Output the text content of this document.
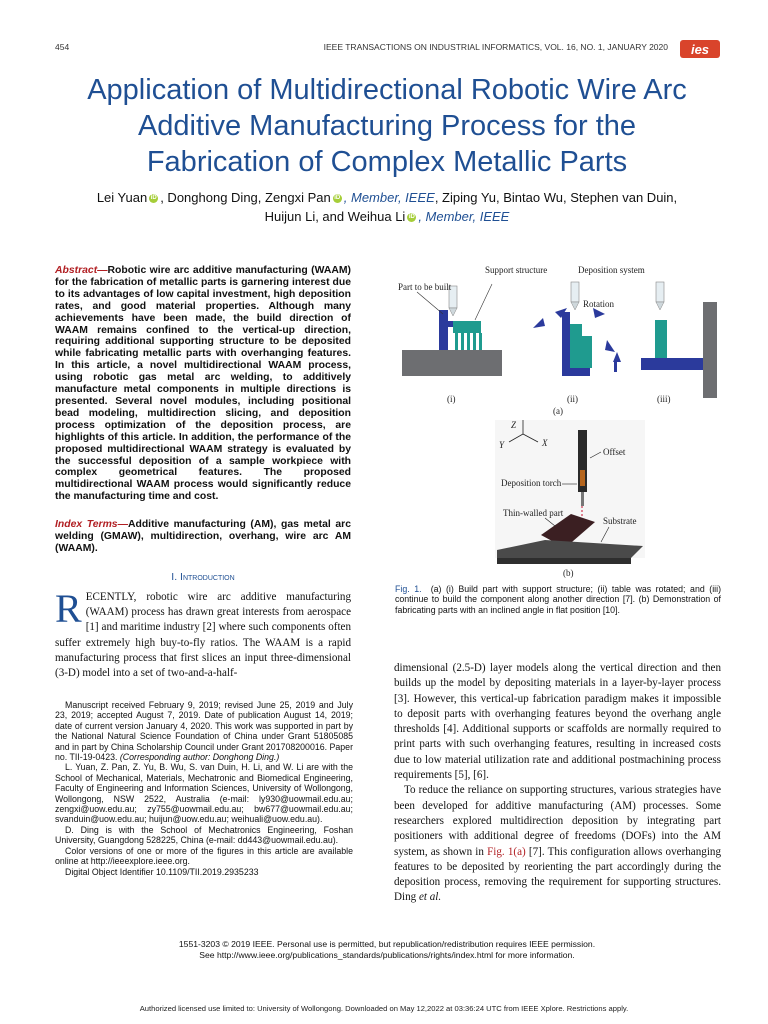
454	IEEE TRANSACTIONS ON INDUSTRIAL INFORMATICS, VOL. 16, NO. 1, JANUARY 2020 ies
Application of Multidirectional Robotic Wire Arc
Additive Manufacturing Process for the
Fabrication of Complex Metallic Parts
Lei Yuan iD , Donghong Ding, Zengxi Pan iD , Member, IEEE, Ziping Yu, Bintao Wu, Stephen van Duin,
Huijun Li, and Weihua Li iD , Member, IEEE
Abstract—Robotic wire arc additive manufacturing (WAAM) for the fabrication of metallic parts is garnering interest due to its advantages of low capital investment, high deposition rates, and good material properties. Although many achievements have been made, the build direction of WAAM remains confined to the vertical-up direction, requiring additional supporting structure to be deposited while fabricating metallic parts with overhanging features. In this article, a novel multidirectional WAAM process, using robotic gas metal arc welding, to additively manufacture metal components in multiple directions is presented. Several novel modules, including positional bead modeling, multidirection slicing, and deposition process optimization of the deposition process, are highlights of this article. In addition, the performance of the proposed multidirectional WAAM strategy is evaluated by the successful deposition of a sample workpiece with complex geometrical features. The proposed multidirectional WAAM process would significantly reduce the manufacturing time and cost.
Index Terms—Additive manufacturing (AM), gas metal arc welding (GMAW), multidirection, overhang, wire arc AM (WAAM).
I. Introduction
RECENTLY, robotic wire arc additive manufacturing (WAAM) process has drawn great interests from aerospace [1] and maritime industry [2] where such components often suffer extremely high buy-to-fly ratios. The WAAM is a rapid manufacturing process that first slices an input three-dimensional (3-D) model into a set of two-and-a-half-

Manuscript received February 9, 2019; revised June 25, 2019 and July 23, 2019; accepted August 7, 2019. Date of publication August 14, 2019; date of current version January 4, 2020. This work was supported in part by the National Natural Science Foundation of China under Grant 51805085 and in part by China Scholarship Council under Grant 201708200016. Paper no. TII-19-0423. (Corresponding author: Donghong Ding.)

L. Yuan, Z. Pan, Z. Yu, B. Wu, S. van Duin, H. Li, and W. Li are with the School of Mechanical, Materials, Mechatronic and Biomedical Engineering, Faculty of Engineering and Information Sciences, University of Wollongong, Wollongong, NSW 2522, Australia (e-mail: ly930@uowmail.edu.au; zengxi@uow.edu.au; zy755@uowmail.edu.au; bw677@uowmail.edu.au; svanduin@uow.edu.au; huijun@uow.edu.au; weihuali@uow.edu.au).

D. Ding is with the School of Mechatronics Engineering, Foshan University, Guangdong 528225, China (e-mail: dd443@uowmail.edu.au).

Color versions of one or more of the figures in this article are available online at http://ieeexplore.ieee.org.

Digital Object Identifier 10.1109/TII.2019.2935233

Part to be built
Support structure
(i)
Deposition system
Rotation
(ii)	(iii)
(a)
Z
Y	X
Offset
Deposition torch
Thin-walled part
Substrate
(b)
Fig. 1. (a) (i) Build part with support structure; (ii) table was rotated; and (iii) continue to build the component along another direction [7]. (b) Demonstration of fabricating parts with an inclined angle in flat position [10].

dimensional (2.5-D) layer models along the vertical direction and then builds up the model by depositing materials in a layer-by-layer process [3]. However, this vertical-up fabrication paradigm makes it impossible to deposit parts with overhanging features beyond the overhang angle thresholds [4]. Additional supports or scaffolds are normally required to print parts with such overhanging features, resulting in increased costs due to low material utilization rate and additional postmachining process requirements [5], [6].

To reduce the reliance on supporting structures, various strategies have been developed for additive manufacturing (AM) processes. Some researchers explored multidirection deposition by integrating part positioners with additional degree of freedoms (DOFs) into the AM system, as shown in Fig. 1(a) [7]. This configuration allows overhanging features to be deposited by reorienting the part accordingly during the deposition process, removing the requirement for supporting structures. Ding et al.

1551-3203 © 2019 IEEE. Personal use is permitted, but republication/redistribution requires IEEE permission.
See http://www.ieee.org/publications_standards/publications/rights/index.html for more information.
Authorized licensed use limited to: University of Wollongong. Downloaded on May 12,2022 at 03:36:24 UTC from IEEE Xplore. Restrictions apply.
